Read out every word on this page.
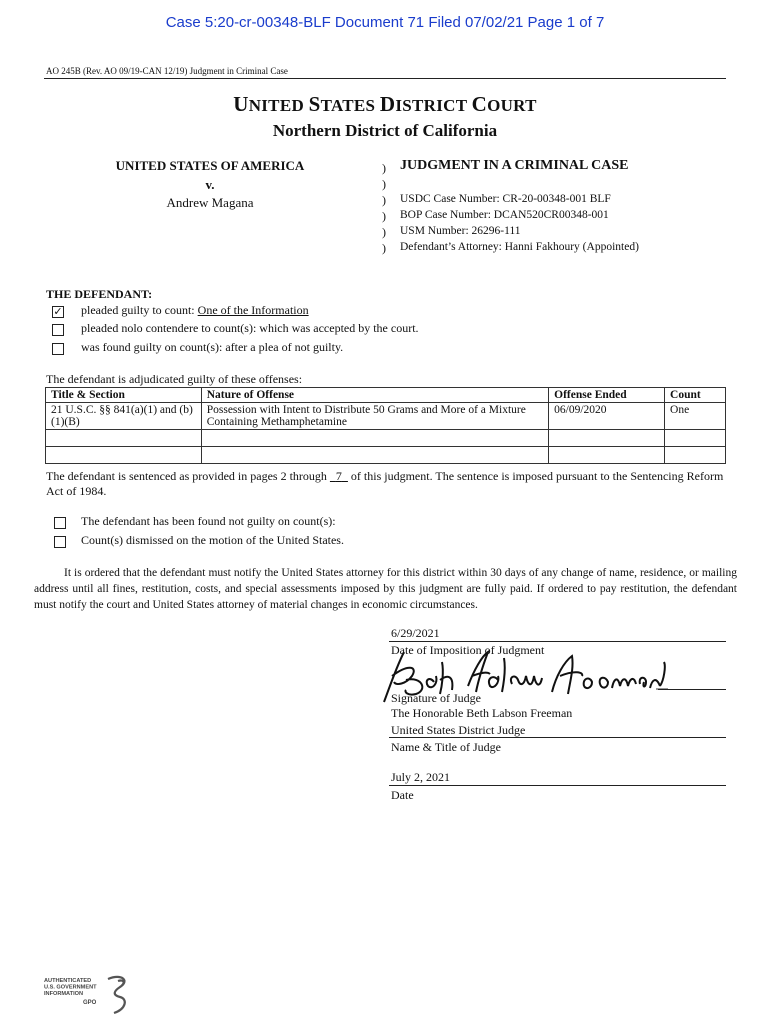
Case 5:20-cr-00348-BLF Document 71 Filed 07/02/21 Page 1 of 7
AO 245B (Rev. AO 09/19-CAN 12/19) Judgment in Criminal Case
UNITED STATES DISTRICT COURT
Northern District of California
UNITED STATES OF AMERICA
v.
Andrew Magana
)
)
)
)
)
)
JUDGMENT IN A CRIMINAL CASE
USDC Case Number: CR-20-00348-001 BLF
BOP Case Number: DCAN520CR00348-001
USM Number: 26296-111
Defendant’s Attorney: Hanni Fakhoury (Appointed)
THE DEFENDANT:
✓ pleaded guilty to count: One of the Information
pleaded nolo contendere to count(s): which was accepted by the court.
was found guilty on count(s): after a plea of not guilty.
The defendant is adjudicated guilty of these offenses:
Title & Section	Nature of Offense	Offense Ended	Count
21 U.S.C. §§ 841(a)(1) and (b)(1)(B)	Possession with Intent to Distribute 50 Grams and More of a Mixture Containing Methamphetamine	06/09/2020	One

The defendant is sentenced as provided in pages 2 through   7   of this judgment. The sentence is imposed pursuant to the Sentencing Reform Act of 1984.
The defendant has been found not guilty on count(s):
Count(s) dismissed on the motion of the United States.
It is ordered that the defendant must notify the United States attorney for this district within 30 days of any change of name, residence, or mailing address until all fines, restitution, costs, and special assessments imposed by this judgment are fully paid. If ordered to pay restitution, the defendant must notify the court and United States attorney of material changes in economic circumstances.
6/29/2021
Date of Imposition of Judgment
Signature of Judge
The Honorable Beth Labson Freeman
United States District Judge
Name & Title of Judge
July 2, 2021
Date
AUTHENTICATED
U.S. GOVERNMENT
INFORMATION
GPO
